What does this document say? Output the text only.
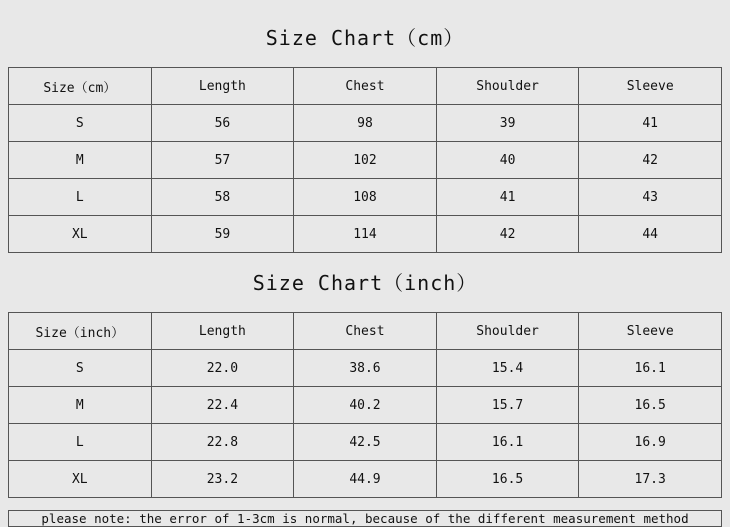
Size Chart（cm）
Size（cm）	Length	Chest	Shoulder	Sleeve
S	56	98	39	41
M	57	102	40	42
L	58	108	41	43
XL	59	114	42	44
Size Chart（inch）
Size（inch）	Length	Chest	Shoulder	Sleeve
S	22.0	38.6	15.4	16.1
M	22.4	40.2	15.7	16.5
L	22.8	42.5	16.1	16.9
XL	23.2	44.9	16.5	17.3
please note: the error of 1-3cm is normal, because of the different measurement method
